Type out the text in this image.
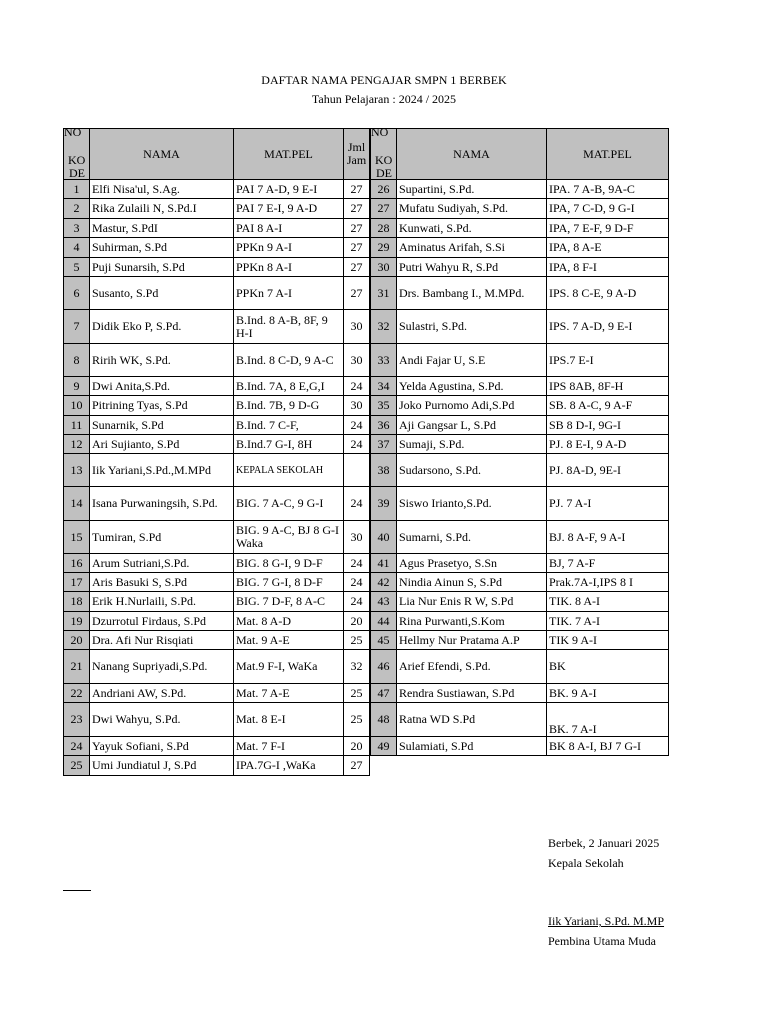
DAFTAR NAMA PENGAJAR SMPN 1 BERBEK
Tahun Pelajaran : 2024 / 2025
NO
KO
DE	NAMA	MAT.PEL	Jml
Jam
1	Elfi Nisa'ul, S.Ag.	PAI 7 A-D, 9 E-I	27
2	Rika Zulaili N, S.Pd.I	PAI 7 E-I, 9 A-D	27
3	Mastur, S.PdI	PAI 8 A-I	27
4	Suhirman, S.Pd	PPKn 9 A-I	27
5	Puji Sunarsih, S.Pd	PPKn 8 A-I	27
6	Susanto, S.Pd	PPKn 7 A-I	27
7	Didik Eko P, S.Pd.	B.Ind. 8 A-B, 8F, 9 H-I	30
8	Ririh WK, S.Pd.	B.Ind. 8 C-D, 9 A-C	30
9	Dwi Anita,S.Pd.	B.Ind. 7A, 8 E,G,I	24
10	Pitrining Tyas, S.Pd	B.Ind. 7B, 9 D-G	30
11	Sunarnik, S.Pd	B.Ind. 7 C-F,	24
12	Ari Sujianto, S.Pd	B.Ind.7 G-I, 8H	24
13	Iik Yariani,S.Pd.,M.MPd	KEPALA SEKOLAH	
14	Isana Purwaningsih, S.Pd.	BIG. 7 A-C, 9 G-I	24
15	Tumiran, S.Pd	BIG. 9 A-C, BJ 8 G-I Waka	30
16	Arum Sutriani,S.Pd.	BIG. 8 G-I, 9 D-F	24
17	Aris Basuki S, S.Pd	BIG. 7 G-I, 8 D-F	24
18	Erik H.Nurlaili, S.Pd.	BIG. 7 D-F, 8 A-C	24
19	Dzurrotul Firdaus, S.Pd	Mat. 8 A-D	20
20	Dra. Afi Nur Risqiati	Mat. 9 A-E	25
21	Nanang Supriyadi,S.Pd.	Mat.9 F-I, WaKa	32
22	Andriani AW, S.Pd.	Mat. 7 A-E	25
23	Dwi Wahyu, S.Pd.	Mat. 8 E-I	25
24	Yayuk Sofiani, S.Pd	Mat. 7 F-I	20
25	Umi Jundiatul J, S.Pd	IPA.7G-I ,WaKa	27
NO
KO
DE	NAMA	MAT.PEL
26	Supartini, S.Pd.	IPA. 7 A-B, 9A-C
27	Mufatu Sudiyah, S.Pd.	IPA, 7 C-D, 9 G-I
28	Kunwati, S.Pd.	IPA, 7 E-F, 9 D-F
29	Aminatus Arifah, S.Si	IPA, 8 A-E
30	Putri Wahyu R, S.Pd	IPA, 8 F-I
31	Drs. Bambang I., M.MPd.	IPS. 8 C-E, 9 A-D
32	Sulastri, S.Pd.	IPS. 7 A-D, 9 E-I
33	Andi Fajar U, S.E	IPS.7 E-I
34	Yelda Agustina, S.Pd.	IPS 8AB, 8F-H
35	Joko Purnomo Adi,S.Pd	SB. 8 A-C, 9 A-F
36	Aji Gangsar L, S.Pd	SB 8 D-I, 9G-I
37	Sumaji, S.Pd.	PJ. 8 E-I, 9 A-D
38	Sudarsono, S.Pd.	PJ. 8A-D, 9E-I
39	Siswo Irianto,S.Pd.	PJ. 7 A-I
40	Sumarni, S.Pd.	BJ. 8 A-F, 9 A-I
41	Agus Prasetyo, S.Sn	BJ, 7 A-F
42	Nindia Ainun S, S.Pd	Prak.7A-I,IPS 8 I
43	Lia Nur Enis R W, S.Pd	TIK. 8 A-I
44	Rina Purwanti,S.Kom	TIK. 7 A-I
45	Hellmy Nur Pratama A.P	TIK 9 A-I
46	Arief Efendi, S.Pd.	BK
47	Rendra Sustiawan, S.Pd	BK. 9 A-I
48	Ratna WD S.Pd	BK. 7 A-I
49	Sulamiati, S.Pd	BK 8 A-I, BJ 7 G-I
Berbek, 2 Januari 2025
Kepala Sekolah
Iik Yariani, S.Pd. M.MP
Pembina Utama Muda
